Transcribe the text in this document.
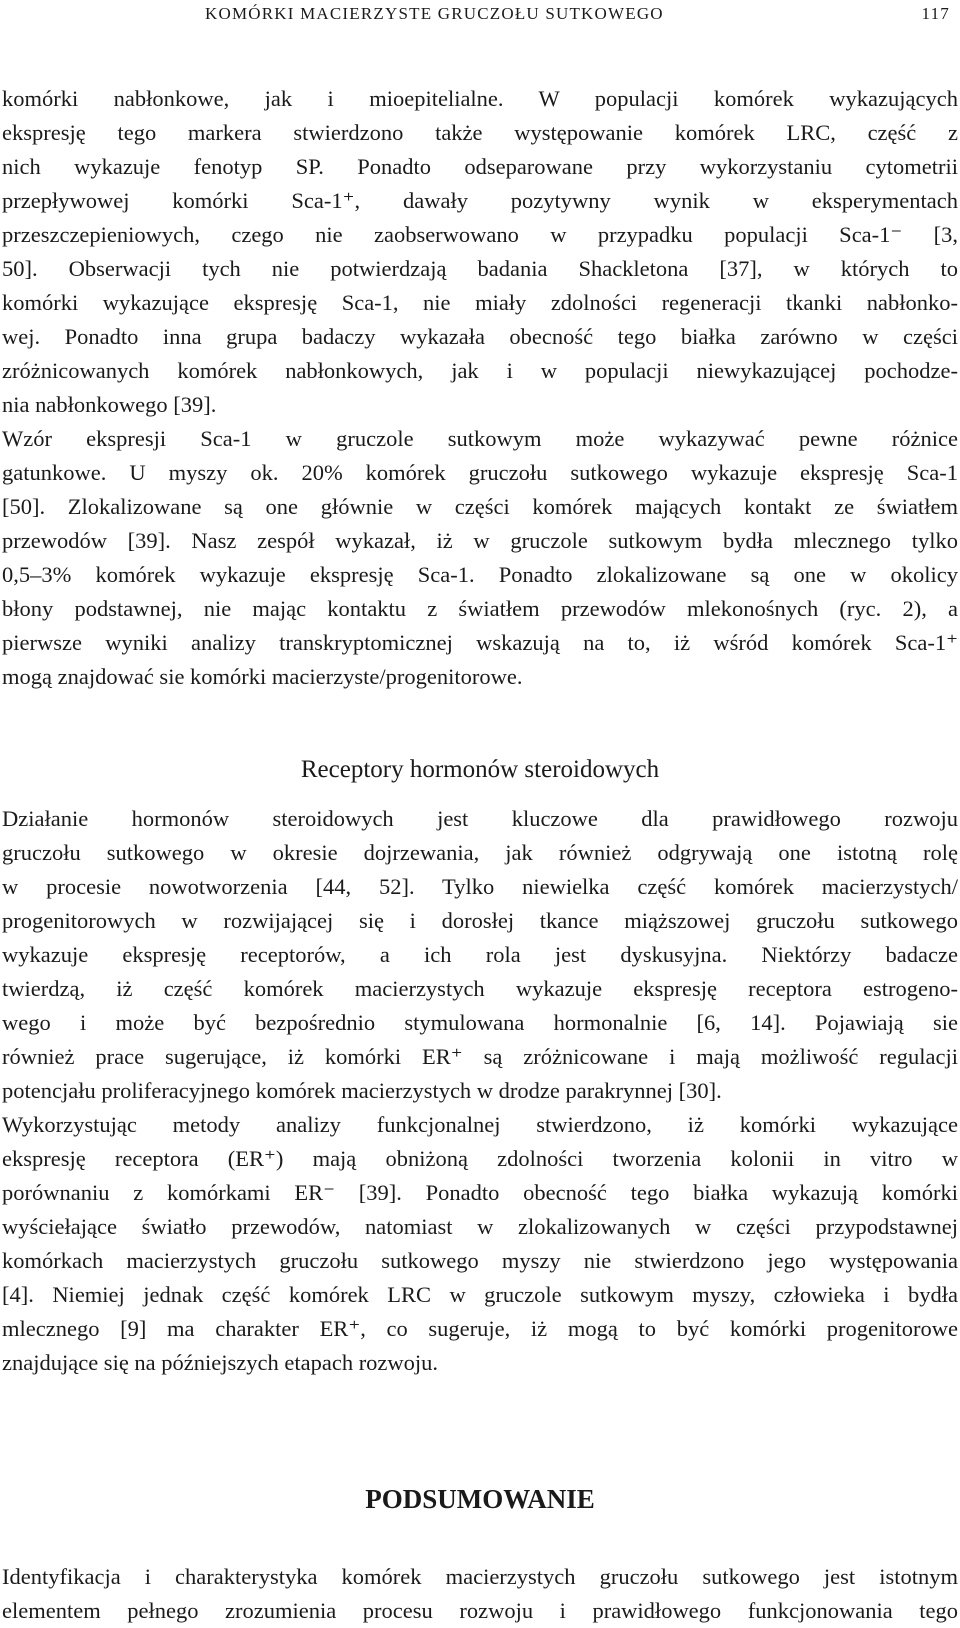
KOMÓRKI MACIERZYSTE GRUCZOŁU SUTKOWEGO	117
komórki nabłonkowe, jak i mioepitelialne. W populacji komórek wykazujących
ekspresję tego markera stwierdzono także występowanie komórek LRC, część z
nich wykazuje fenotyp SP. Ponadto odseparowane przy wykorzystaniu cytometrii
przepływowej komórki Sca-1⁺, dawały pozytywny wynik w eksperymentach
przeszczepieniowych, czego nie zaobserwowano w przypadku populacji Sca-1⁻ [3,
50]. Obserwacji tych nie potwierdzają badania Shackletona [37], w których to
komórki wykazujące ekspresję Sca-1, nie miały zdolności regeneracji tkanki nabłonko-
wej. Ponadto inna grupa badaczy wykazała obecność tego białka zarówno w części
zróżnicowanych komórek nabłonkowych, jak i w populacji niewykazującej pochodze-
nia nabłonkowego [39].
Wzór ekspresji Sca-1 w gruczole sutkowym może wykazywać pewne różnice
gatunkowe. U myszy ok. 20% komórek gruczołu sutkowego wykazuje ekspresję Sca-1
[50]. Zlokalizowane są one głównie w części komórek mających kontakt ze światłem
przewodów [39]. Nasz zespół wykazał, iż w gruczole sutkowym bydła mlecznego tylko
0,5–3% komórek wykazuje ekspresję Sca-1. Ponadto zlokalizowane są one w okolicy
błony podstawnej, nie mając kontaktu z światłem przewodów mlekonośnych (ryc. 2), a
pierwsze wyniki analizy transkryptomicznej wskazują na to, iż wśród komórek Sca-1⁺
mogą znajdować sie komórki macierzyste/progenitorowe.
Receptory hormonów steroidowych
Działanie hormonów steroidowych jest kluczowe dla prawidłowego rozwoju
gruczołu sutkowego w okresie dojrzewania, jak również odgrywają one istotną rolę
w procesie nowotworzenia [44, 52]. Tylko niewielka część komórek macierzystych/
progenitorowych w rozwijającej się i dorosłej tkance miąższowej gruczołu sutkowego
wykazuje ekspresję receptorów, a ich rola jest dyskusyjna. Niektórzy badacze
twierdzą, iż część komórek macierzystych wykazuje ekspresję receptora estrogeno-
wego i może być bezpośrednio stymulowana hormonalnie [6, 14]. Pojawiają sie
również prace sugerujące, iż komórki ER⁺ są zróżnicowane i mają możliwość regulacji
potencjału proliferacyjnego komórek macierzystych w drodze parakrynnej [30].
Wykorzystując metody analizy funkcjonalnej stwierdzono, iż komórki wykazujące
ekspresję receptora (ER⁺) mają obniżoną zdolności tworzenia kolonii in vitro w
porównaniu z komórkami ER⁻ [39]. Ponadto obecność tego białka wykazują komórki
wyściełające światło przewodów, natomiast w zlokalizowanych w części przypodstawnej
komórkach macierzystych gruczołu sutkowego myszy nie stwierdzono jego występowania
[4]. Niemiej jednak część komórek LRC w gruczole sutkowym myszy, człowieka i bydła
mlecznego [9] ma charakter ER⁺, co sugeruje, iż mogą to być komórki progenitorowe
znajdujące się na późniejszych etapach rozwoju.
PODSUMOWANIE
Identyfikacja i charakterystyka komórek macierzystych gruczołu sutkowego jest istotnym
elementem pełnego zrozumienia procesu rozwoju i prawidłowego funkcjonowania tego
